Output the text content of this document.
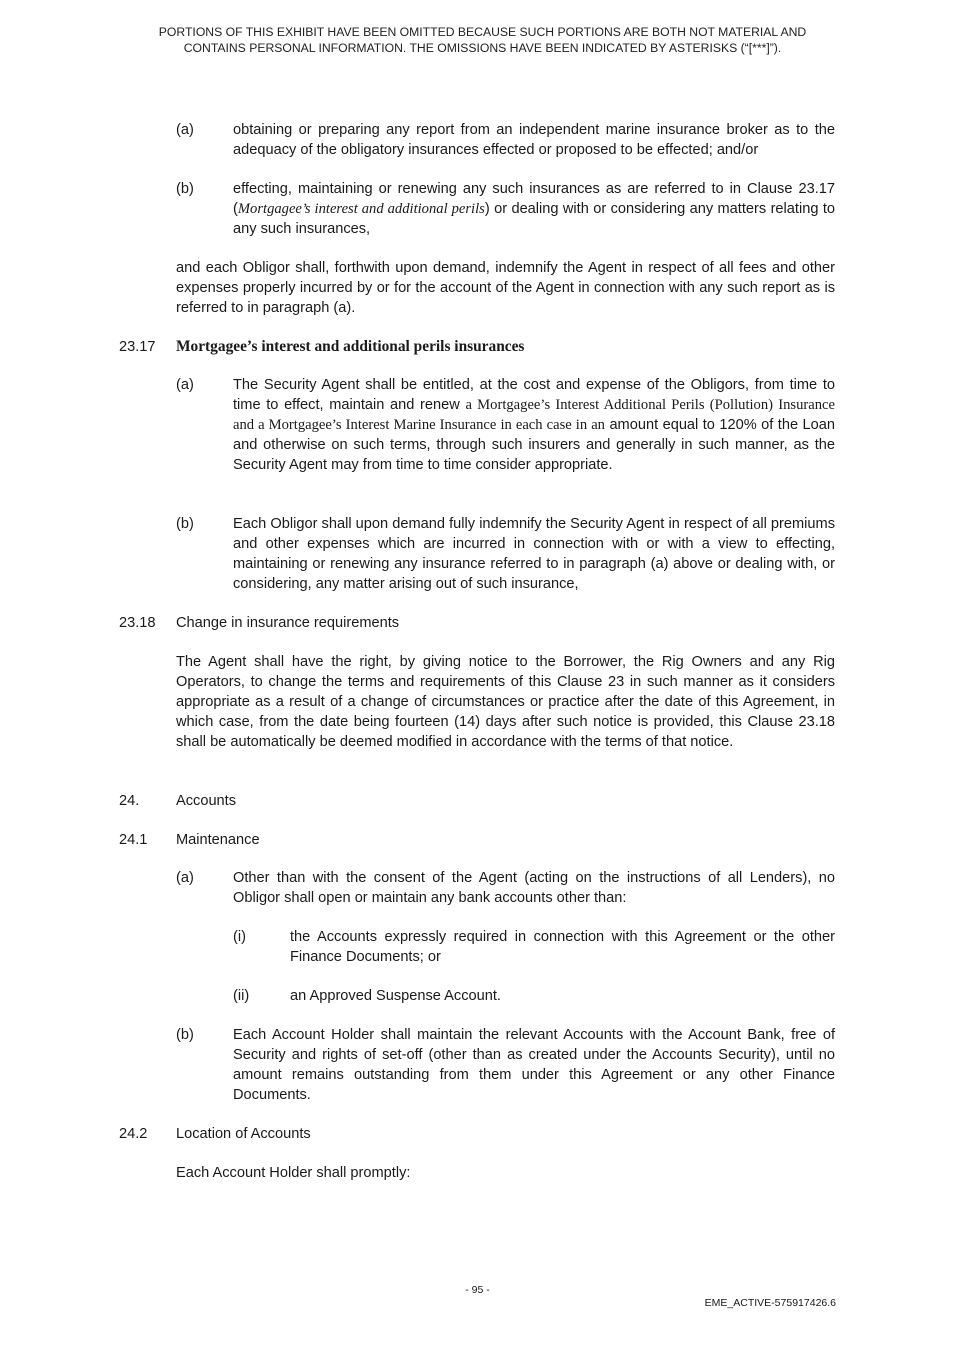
PORTIONS OF THIS EXHIBIT HAVE BEEN OMITTED BECAUSE SUCH PORTIONS ARE BOTH NOT MATERIAL AND
CONTAINS PERSONAL INFORMATION. THE OMISSIONS HAVE BEEN INDICATED BY ASTERISKS (“[***]”).
(a)	obtaining or preparing any report from an independent marine insurance broker as to the adequacy of the obligatory insurances effected or proposed to be effected; and/or
(b)	effecting, maintaining or renewing any such insurances as are referred to in Clause 23.17 (Mortgagee’s interest and additional perils) or dealing with or considering any matters relating to any such insurances,
and each Obligor shall, forthwith upon demand, indemnify the Agent in respect of all fees and other expenses properly incurred by or for the account of the Agent in connection with any such report as is referred to in paragraph (a).
23.17 Mortgagee’s interest and additional perils insurances
(a)	The Security Agent shall be entitled, at the cost and expense of the Obligors, from time to time to effect, maintain and renew a Mortgagee’s Interest Additional Perils (Pollution) Insurance and a Mortgagee’s Interest Marine Insurance in each case in an amount equal to 120% of the Loan and otherwise on such terms, through such insurers and generally in such manner, as the Security Agent may from time to time consider appropriate.
(b)	Each Obligor shall upon demand fully indemnify the Security Agent in respect of all premiums and other expenses which are incurred in connection with or with a view to effecting, maintaining or renewing any insurance referred to in paragraph (a) above or dealing with, or considering, any matter arising out of such insurance,
23.18 Change in insurance requirements
The Agent shall have the right, by giving notice to the Borrower, the Rig Owners and any Rig Operators, to change the terms and requirements of this Clause 23 in such manner as it considers appropriate as a result of a change of circumstances or practice after the date of this Agreement, in which case, from the date being fourteen (14) days after such notice is provided, this Clause 23.18 shall be automatically be deemed modified in accordance with the terms of that notice.
24.	Accounts
24.1 Maintenance
(a)	Other than with the consent of the Agent (acting on the instructions of all Lenders), no Obligor shall open or maintain any bank accounts other than:
(i)	the Accounts expressly required in connection with this Agreement or the other Finance Documents; or
(ii)	an Approved Suspense Account.
(b)	Each Account Holder shall maintain the relevant Accounts with the Account Bank, free of Security and rights of set-off (other than as created under the Accounts Security), until no amount remains outstanding from them under this Agreement or any other Finance Documents.
24.2 Location of Accounts
Each Account Holder shall promptly:
- 95 -
EME_ACTIVE-575917426.6
